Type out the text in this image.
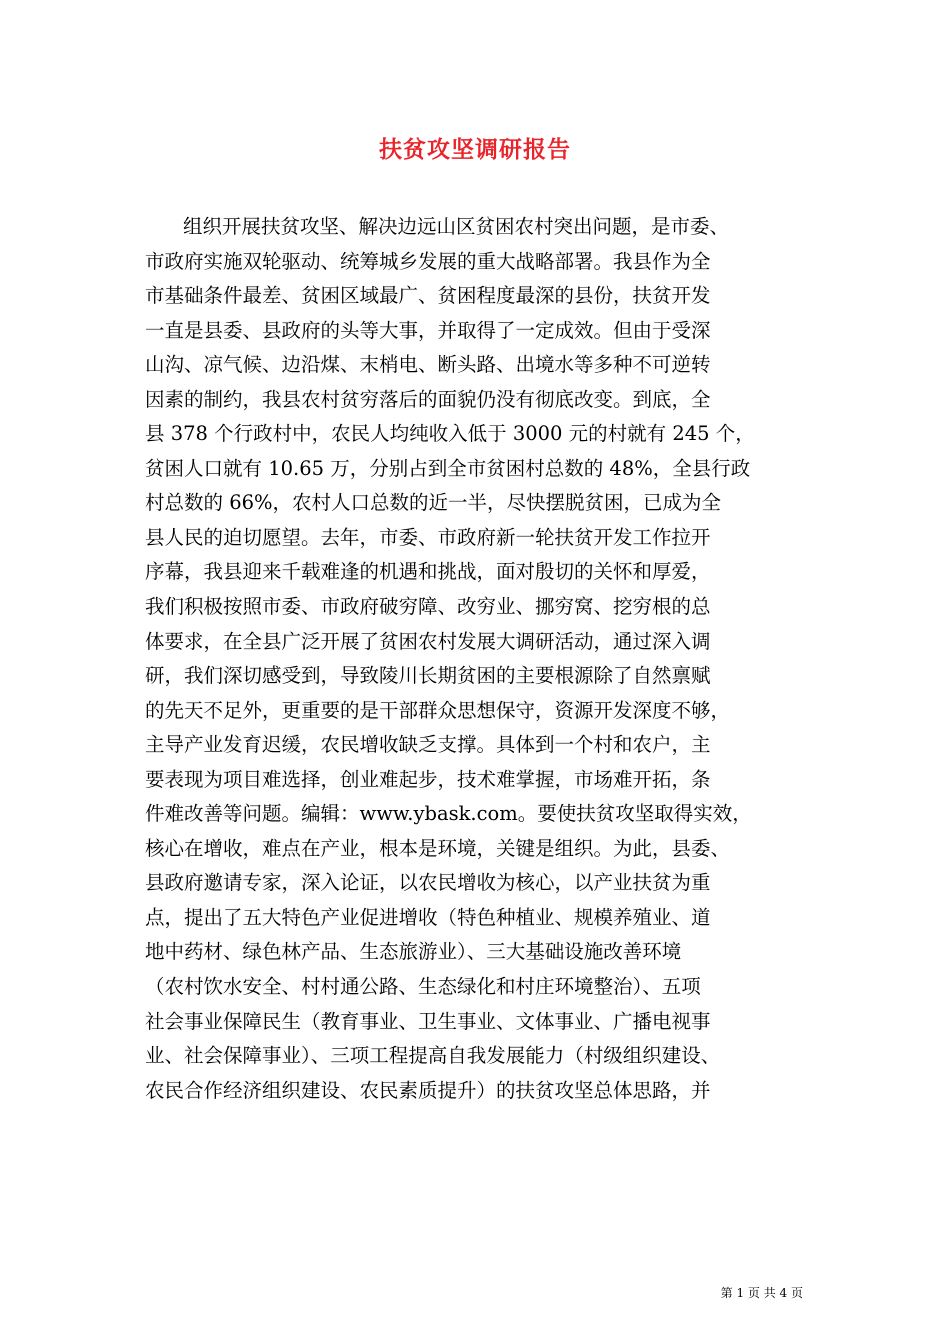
扶贫攻坚调研报告
组织开展扶贫攻坚、解决边远山区贫困农村突出问题，是市委、
市政府实施双轮驱动、统筹城乡发展的重大战略部署。我县作为全
市基础条件最差、贫困区域最广、贫困程度最深的县份，扶贫开发
一直是县委、县政府的头等大事，并取得了一定成效。但由于受深
山沟、凉气候、边沿煤、末梢电、断头路、出境水等多种不可逆转
因素的制约，我县农村贫穷落后的面貌仍没有彻底改变。到底，全
县 378 个行政村中，农民人均纯收入低于 3000 元的村就有 245 个，
贫困人口就有 10.65 万，分别占到全市贫困村总数的 48%，全县行政
村总数的 66%，农村人口总数的近一半，尽快摆脱贫困，已成为全
县人民的迫切愿望。去年，市委、市政府新一轮扶贫开发工作拉开
序幕，我县迎来千载难逢的机遇和挑战，面对殷切的关怀和厚爱，
我们积极按照市委、市政府破穷障、改穷业、挪穷窝、挖穷根的总
体要求，在全县广泛开展了贫困农村发展大调研活动，通过深入调
研，我们深切感受到，导致陵川长期贫困的主要根源除了自然禀赋
的先天不足外，更重要的是干部群众思想保守，资源开发深度不够，
主导产业发育迟缓，农民增收缺乏支撑。具体到一个村和农户，主
要表现为项目难选择，创业难起步，技术难掌握，市场难开拓，条
件难改善等问题。编辑：www.ybask.com。要使扶贫攻坚取得实效，
核心在增收，难点在产业，根本是环境，关键是组织。为此，县委、
县政府邀请专家，深入论证，以农民增收为核心，以产业扶贫为重
点，提出了五大特色产业促进增收（特色种植业、规模养殖业、道
地中药材、绿色林产品、生态旅游业）、三大基础设施改善环境
（农村饮水安全、村村通公路、生态绿化和村庄环境整治）、五项
社会事业保障民生（教育事业、卫生事业、文体事业、广播电视事
业、社会保障事业）、三项工程提高自我发展能力（村级组织建设、
农民合作经济组织建设、农民素质提升）的扶贫攻坚总体思路，并
第 1 页 共 4 页
